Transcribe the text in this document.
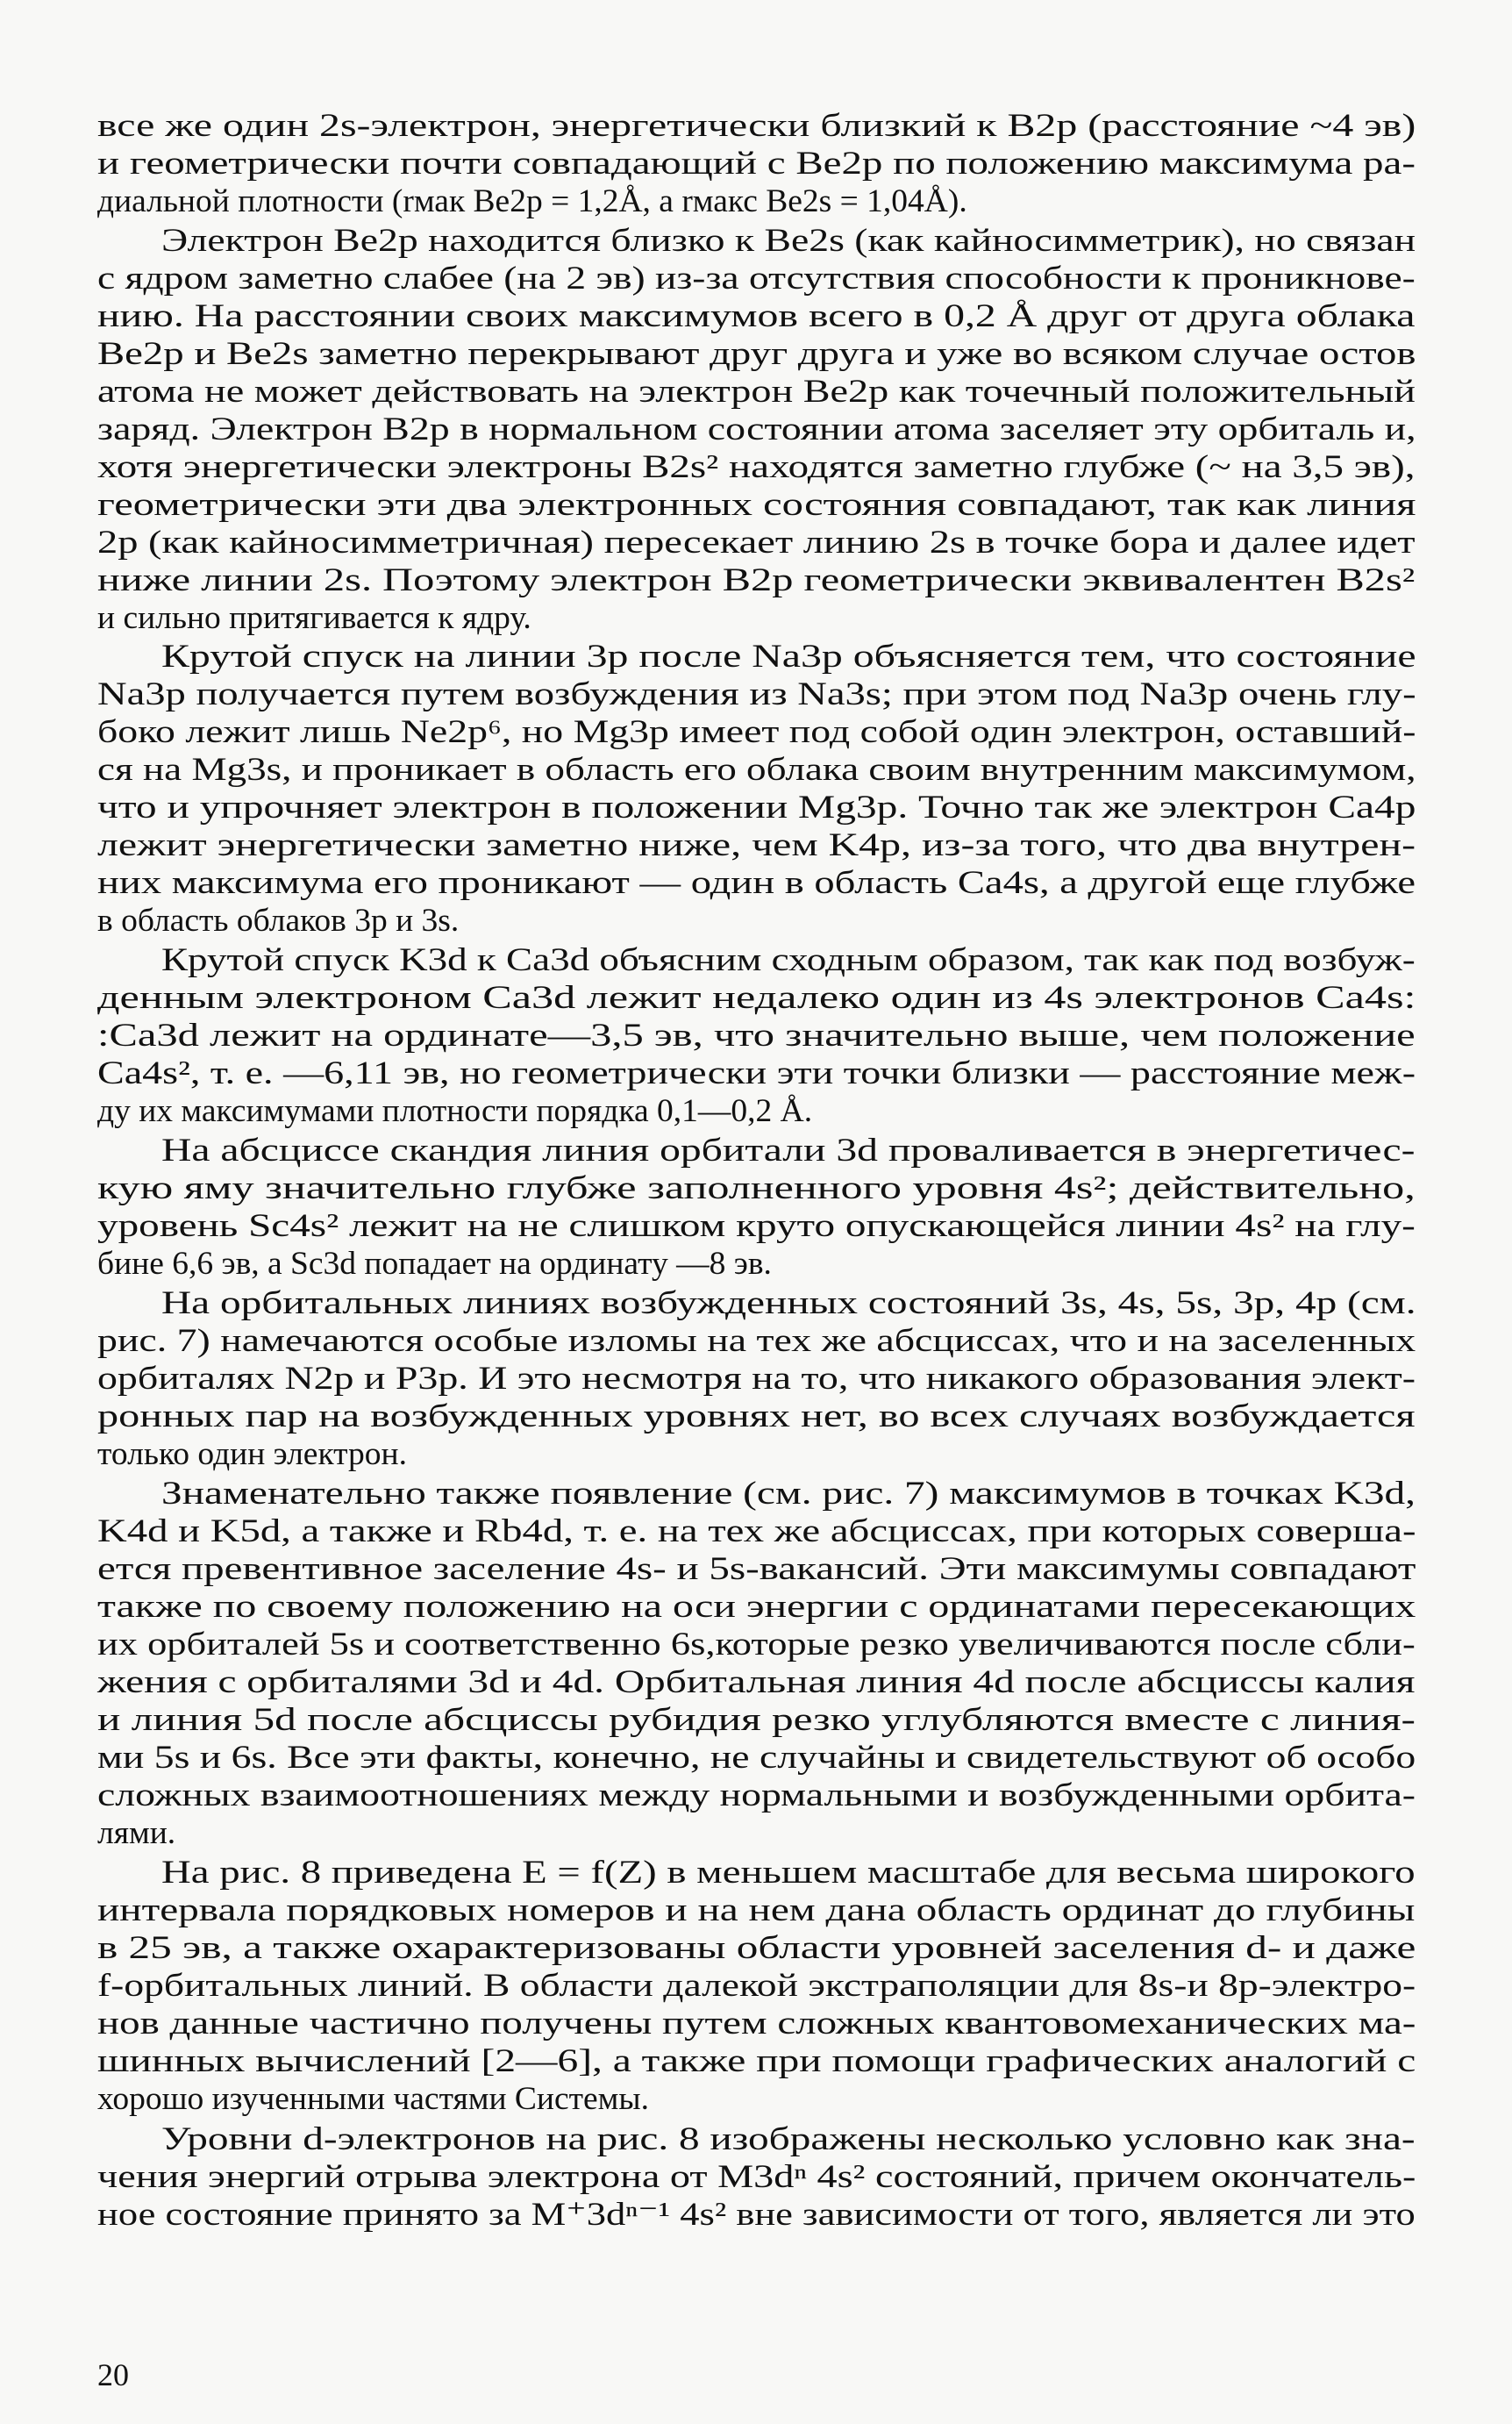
все же один 2s-электрон, энергетически близкий к В2p (расстояние ~4 эв)
и геометрически почти совпадающий с Be2p по положению максимума ра-
диальной плотности (rмак Be2p = 1,2Å, а rмакс Be2s = 1,04Å).
Электрон Be2p находится близко к Be2s (как кайносимметрик), но связан
с ядром заметно слабее (на 2 эв) из-за отсутствия способности к проникнове-
нию. На расстоянии своих максимумов всего в 0,2 Å друг от друга облака
Be2p и Be2s заметно перекрывают друг друга и уже во всяком случае остов
атома не может действовать на электрон Be2p как точечный положительный
заряд. Электрон B2p в нормальном состоянии атома заселяет эту орбиталь и,
хотя энергетически электроны B2s² находятся заметно глубже (~ на 3,5 эв),
геометрически эти два электронных состояния совпадают, так как линия
2p (как кайносимметричная) пересекает линию 2s в точке бора и далее идет
ниже линии 2s. Поэтому электрон B2p геометрически эквивалентен B2s²
и сильно притягивается к ядру.
Крутой спуск на линии 3p после Na3p объясняется тем, что состояние
Na3p получается путем возбуждения из Na3s; при этом под Na3p очень глу-
боко лежит лишь Ne2p⁶, но Mg3p имеет под собой один электрон, оставший-
ся на Mg3s, и проникает в область его облака своим внутренним максимумом,
что и упрочняет электрон в положении Mg3p. Точно так же электрон Ca4p
лежит энергетически заметно ниже, чем K4p, из-за того, что два внутрен-
них максимума его проникают — один в область Ca4s, а другой еще глубже
в область облаков 3p и 3s.
Крутой спуск K3d к Ca3d объясним сходным образом, так как под возбуж-
денным электроном Ca3d лежит недалеко один из 4s электронов Ca4s:
:Ca3d лежит на ординате—3,5 эв, что значительно выше, чем положение
Ca4s², т. е. —6,11 эв, но геометрически эти точки близки — расстояние меж-
ду их максимумами плотности порядка 0,1—0,2 Å.
На абсциссе скандия линия орбитали 3d проваливается в энергетичес-
кую яму значительно глубже заполненного уровня 4s²; действительно,
уровень Sc4s² лежит на не слишком круто опускающейся линии 4s² на глу-
бине 6,6 эв, а Sc3d попадает на ординату —8 эв.
На орбитальных линиях возбужденных состояний 3s, 4s, 5s, 3p, 4p (см.
рис. 7) намечаются особые изломы на тех же абсциссах, что и на заселенных
орбиталях N2p и P3p. И это несмотря на то, что никакого образования элект-
ронных пар на возбужденных уровнях нет, во всех случаях возбуждается
только один электрон.
Знаменательно также появление (см. рис. 7) максимумов в точках K3d,
K4d и K5d, а также и Rb4d, т. е. на тех же абсциссах, при которых соверша-
ется превентивное заселение 4s- и 5s-вакансий. Эти максимумы совпадают
также по своему положению на оси энергии с ординатами пересекающих
их орбиталей 5s и соответственно 6s,которые резко увеличиваются после сбли-
жения с орбиталями 3d и 4d. Орбитальная линия 4d после абсциссы калия
и линия 5d после абсциссы рубидия резко углубляются вместе с линия-
ми 5s и 6s. Все эти факты, конечно, не случайны и свидетельствуют об особо
сложных взаимоотношениях между нормальными и возбужденными орбита-
лями.
На рис. 8 приведена E = f(Z) в меньшем масштабе для весьма широкого
интервала порядковых номеров и на нем дана область ординат до глубины
в 25 эв, а также охарактеризованы области уровней заселения d- и даже
f-орбитальных линий. В области далекой экстраполяции для 8s-и 8p-электро-
нов данные частично получены путем сложных квантовомеханических ма-
шинных вычислений [2—6], а также при помощи графических аналогий с
хорошо изученными частями Системы.
Уровни d-электронов на рис. 8 изображены несколько условно как зна-
чения энергий отрыва электрона от M3dⁿ 4s² состояний, причем окончатель-
ное состояние принято за M⁺3dⁿ⁻¹ 4s² вне зависимости от того, является ли это
20
